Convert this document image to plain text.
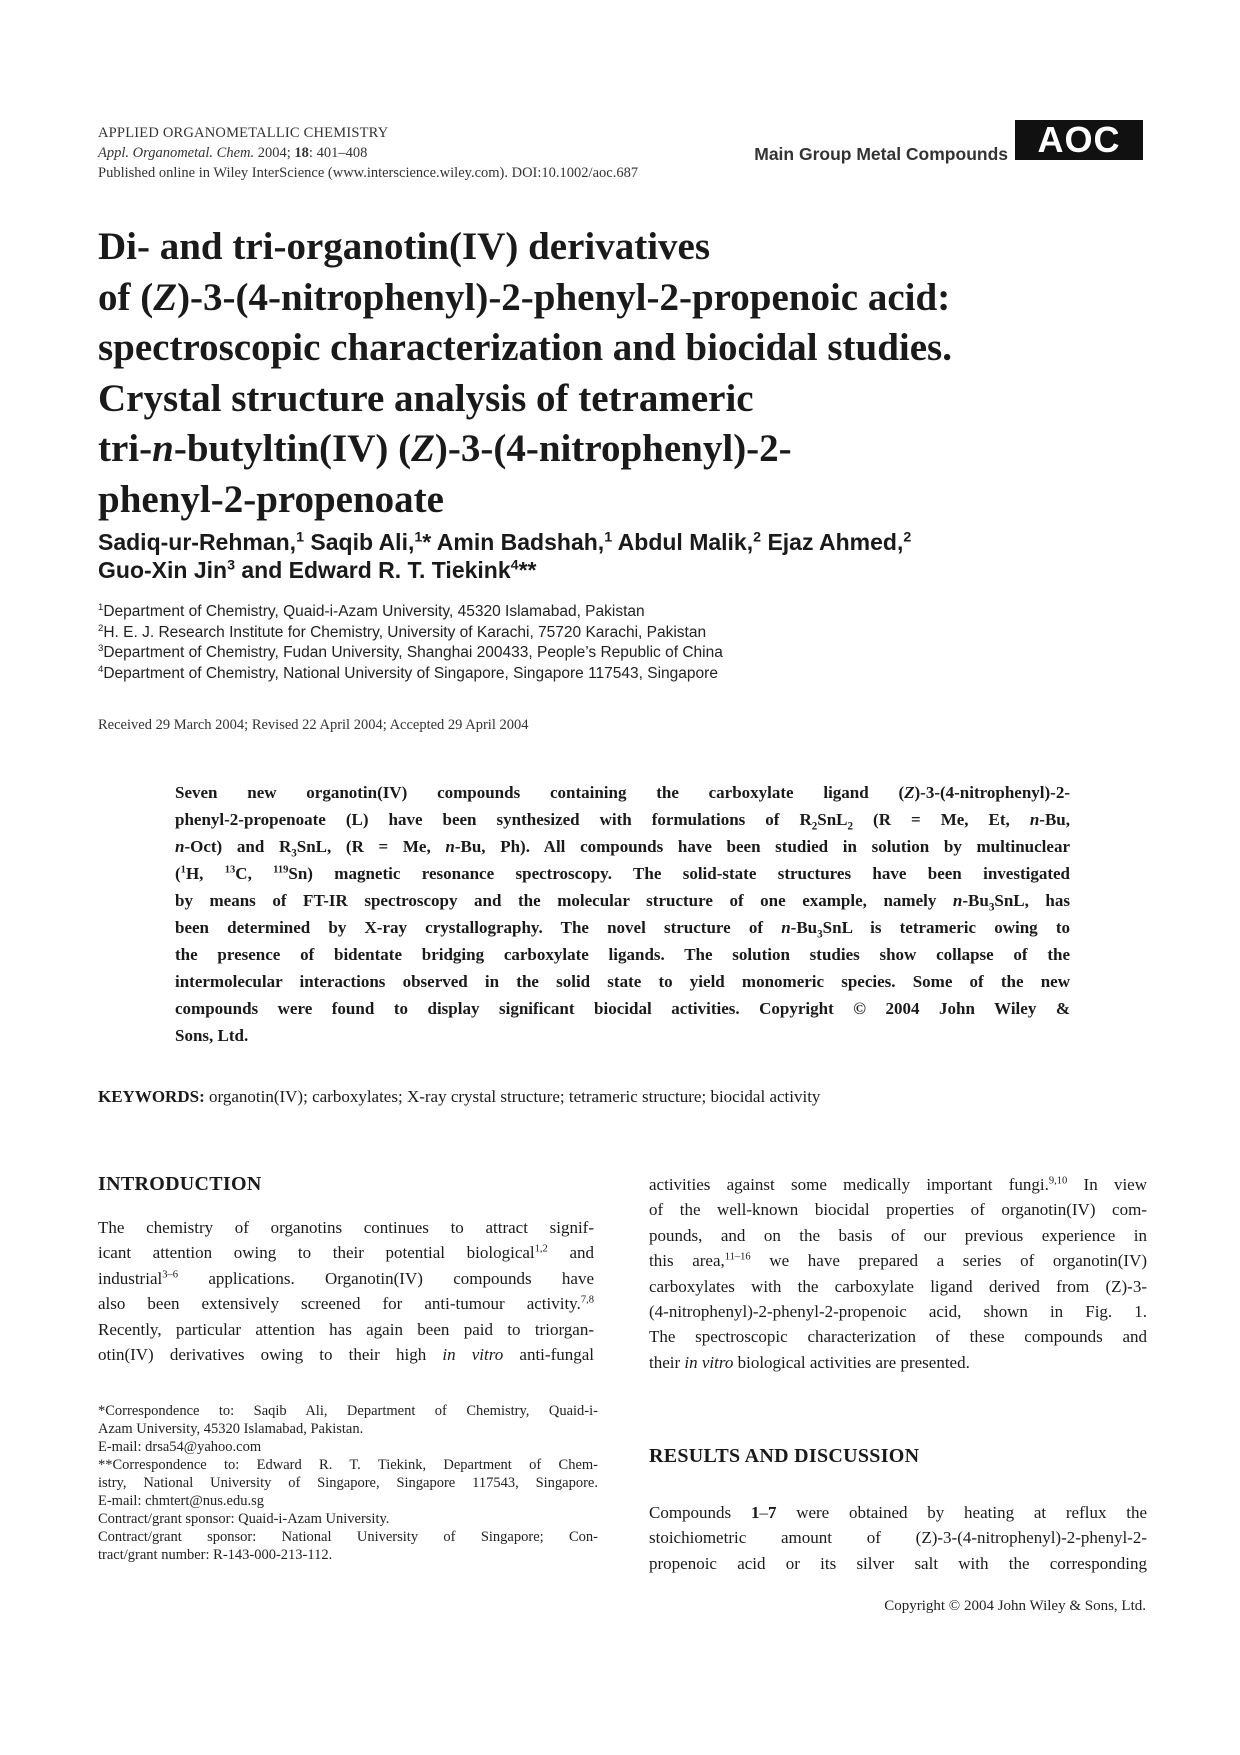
APPLIED ORGANOMETALLIC CHEMISTRY
Appl. Organometal. Chem. 2004; 18: 401–408
Published online in Wiley InterScience (www.interscience.wiley.com). DOI:10.1002/aoc.687
Main Group Metal Compounds AOC
Di- and tri-organotin(IV) derivatives
of (Z)-3-(4-nitrophenyl)-2-phenyl-2-propenoic acid:
spectroscopic characterization and biocidal studies.
Crystal structure analysis of tetrameric
tri-n-butyltin(IV) (Z)-3-(4-nitrophenyl)-2-
phenyl-2-propenoate
Sadiq-ur-Rehman,$^1$ Saqib Ali,$^1$* Amin Badshah,$^1$ Abdul Malik,$^2$ Ejaz Ahmed,$^2$
Guo-Xin Jin$^3$ and Edward R. T. Tiekink$^4$**
$^1$Department of Chemistry, Quaid-i-Azam University, 45320 Islamabad, Pakistan
$^2$H. E. J. Research Institute for Chemistry, University of Karachi, 75720 Karachi, Pakistan
$^3$Department of Chemistry, Fudan University, Shanghai 200433, People’s Republic of China
$^4$Department of Chemistry, National University of Singapore, Singapore 117543, Singapore
Received 29 March 2004; Revised 22 April 2004; Accepted 29 April 2004
Seven new organotin(IV) compounds containing the carboxylate ligand (Z)-3-(4-nitrophenyl)-2-
phenyl-2-propenoate (L) have been synthesized with formulations of $R_2SnL_2$ (R = Me, Et, n-Bu,
n-Oct) and $R_3SnL$, (R = Me, n-Bu, Ph). All compounds have been studied in solution by multinuclear
($^1$H, $^{13}$C, $^{119}$Sn) magnetic resonance spectroscopy. The solid-state structures have been investigated
by means of FT-IR spectroscopy and the molecular structure of one example, namely $n-Bu_3SnL$, has
been determined by X-ray crystallography. The novel structure of $n-Bu_3SnL$ is tetrameric owing to
the presence of bidentate bridging carboxylate ligands. The solution studies show collapse of the
intermolecular interactions observed in the solid state to yield monomeric species. Some of the new
compounds were found to display significant biocidal activities. Copyright © 2004 John Wiley &
Sons, Ltd.
KEYWORDS: organotin(IV); carboxylates; X-ray crystal structure; tetrameric structure; biocidal activity
INTRODUCTION
The chemistry of organotins continues to attract signif-
icant attention owing to their potential biological$^{1,2}$ and
industrial$^{3-6}$ applications. Organotin(IV) compounds have
also been extensively screened for anti-tumour activity.$^{7,8}$
Recently, particular attention has again been paid to triorgan-
otin(IV) derivatives owing to their high in vitro anti-fungal
*Correspondence to: Saqib Ali, Department of Chemistry, Quaid-i-
Azam University, 45320 Islamabad, Pakistan.
E-mail: drsa54@yahoo.com
**Correspondence to: Edward R. T. Tiekink, Department of Chem-
istry, National University of Singapore, Singapore 117543, Singapore.
E-mail: chmtert@nus.edu.sg
Contract/grant sponsor: Quaid-i-Azam University.
Contract/grant sponsor: National University of Singapore; Con-
tract/grant number: R-143-000-213-112.
activities against some medically important fungi.$^{9,10}$ In view
of the well-known biocidal properties of organotin(IV) com-
pounds, and on the basis of our previous experience in
this area,$^{11-16}$ we have prepared a series of organotin(IV)
carboxylates with the carboxylate ligand derived from (Z)-3-
(4-nitrophenyl)-2-phenyl-2-propenoic acid, shown in Fig. 1.
The spectroscopic characterization of these compounds and
their in vitro biological activities are presented.
RESULTS AND DISCUSSION
Compounds 1–7 were obtained by heating at reflux the
stoichiometric amount of (Z)-3-(4-nitrophenyl)-2-phenyl-2-
propenoic acid or its silver salt with the corresponding
Copyright © 2004 John Wiley & Sons, Ltd.
